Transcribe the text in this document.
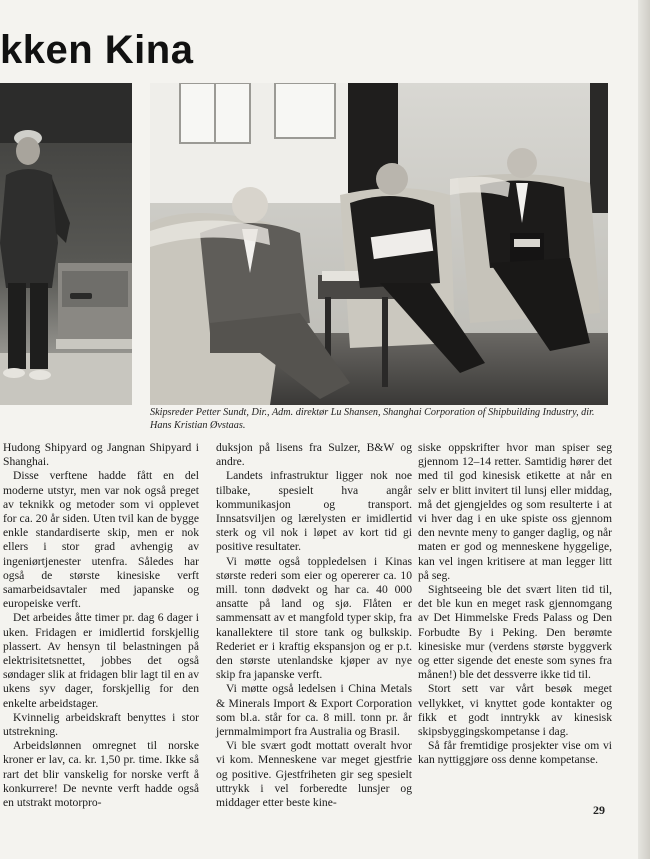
kken Kina
Skipsreder Petter Sundt, Dir., Adm. direktør Lu Shansen, Shanghai Corporation of Shipbuilding Industry, dir. Hans Kristian Øvstaas.

Hudong Shipyard og Jangnan Shipyard i Shanghai.

Disse verftene hadde fått en del moderne utstyr, men var nok også preget av teknikk og metoder som vi opplevet for ca. 20 år siden. Uten tvil kan de bygge enkle standardiserte skip, men er nok ellers i stor grad avhengig av ingeniørtjenester utenfra. Således har også de største kinesiske verft samarbeidsavtaler med japanske og europeiske verft.

Det arbeides åtte timer pr. dag 6 dager i uken. Fridagen er imidlertid forskjellig plassert. Av hensyn til belastningen på elektrisitetsnettet, jobbes det også søndager slik at fridagen blir lagt til en av ukens syv dager, forskjellig for den enkelte arbeidstager.

Kvinnelig arbeidskraft benyttes i stor utstrekning.

Arbeidslønnen omregnet til norske kroner er lav, ca. kr. 1,50 pr. time. Ikke så rart det blir vanskelig for norske verft å konkurrere! De nevnte verft hadde også en utstrakt motorpro-

duksjon på lisens fra Sulzer, B&W og andre.

Landets infrastruktur ligger nok noe tilbake, spesielt hva angår kommunikasjon og transport. Innsatsviljen og lærelysten er imidlertid sterk og vil nok i løpet av kort tid gi positive resultater.

Vi møtte også toppledelsen i Kinas største rederi som eier og opererer ca. 10 mill. tonn dødvekt og har ca. 40 000 ansatte på land og sjø. Flåten er sammensatt av et mangfold typer skip, fra kanallektere til store tank og bulkskip. Rederiet er i kraftig ekspansjon og er p.t. den største utenlandske kjøper av nye skip fra japanske verft.

Vi møtte også ledelsen i China Metals & Minerals Import & Export Corporation som bl.a. står for ca. 8 mill. tonn pr. år jernmalmimport fra Australia og Brasil.

Vi ble svært godt mottatt overalt hvor vi kom. Menneskene var meget gjestfrie og positive. Gjestfriheten gir seg spesielt uttrykk i vel forberedte lunsjer og middager etter beste kine-

siske oppskrifter hvor man spiser seg gjennom 12–14 retter. Samtidig hører det med til god kinesisk etikette at når en selv er blitt invitert til lunsj eller middag, må det gjengjeldes og som resulterte i at vi hver dag i en uke spiste oss gjennom den nevnte meny to ganger daglig, og når maten er god og menneskene hyggelige, kan vel ingen kritisere at man legger litt på seg.

Sightseeing ble det svært liten tid til, det ble kun en meget rask gjennomgang av Det Himmelske Freds Palass og Den Forbudte By i Peking. Den berømte kinesiske mur (verdens største byggverk og etter sigende det eneste som synes fra månen!) ble det dessverre ikke tid til.

Stort sett var vårt besøk meget vellykket, vi knyttet gode kontakter og fikk et godt inntrykk av kinesisk skipsbyggingskompetanse i dag.

Så får fremtidige prosjekter vise om vi kan nyttiggjøre oss denne kompetanse.

29
